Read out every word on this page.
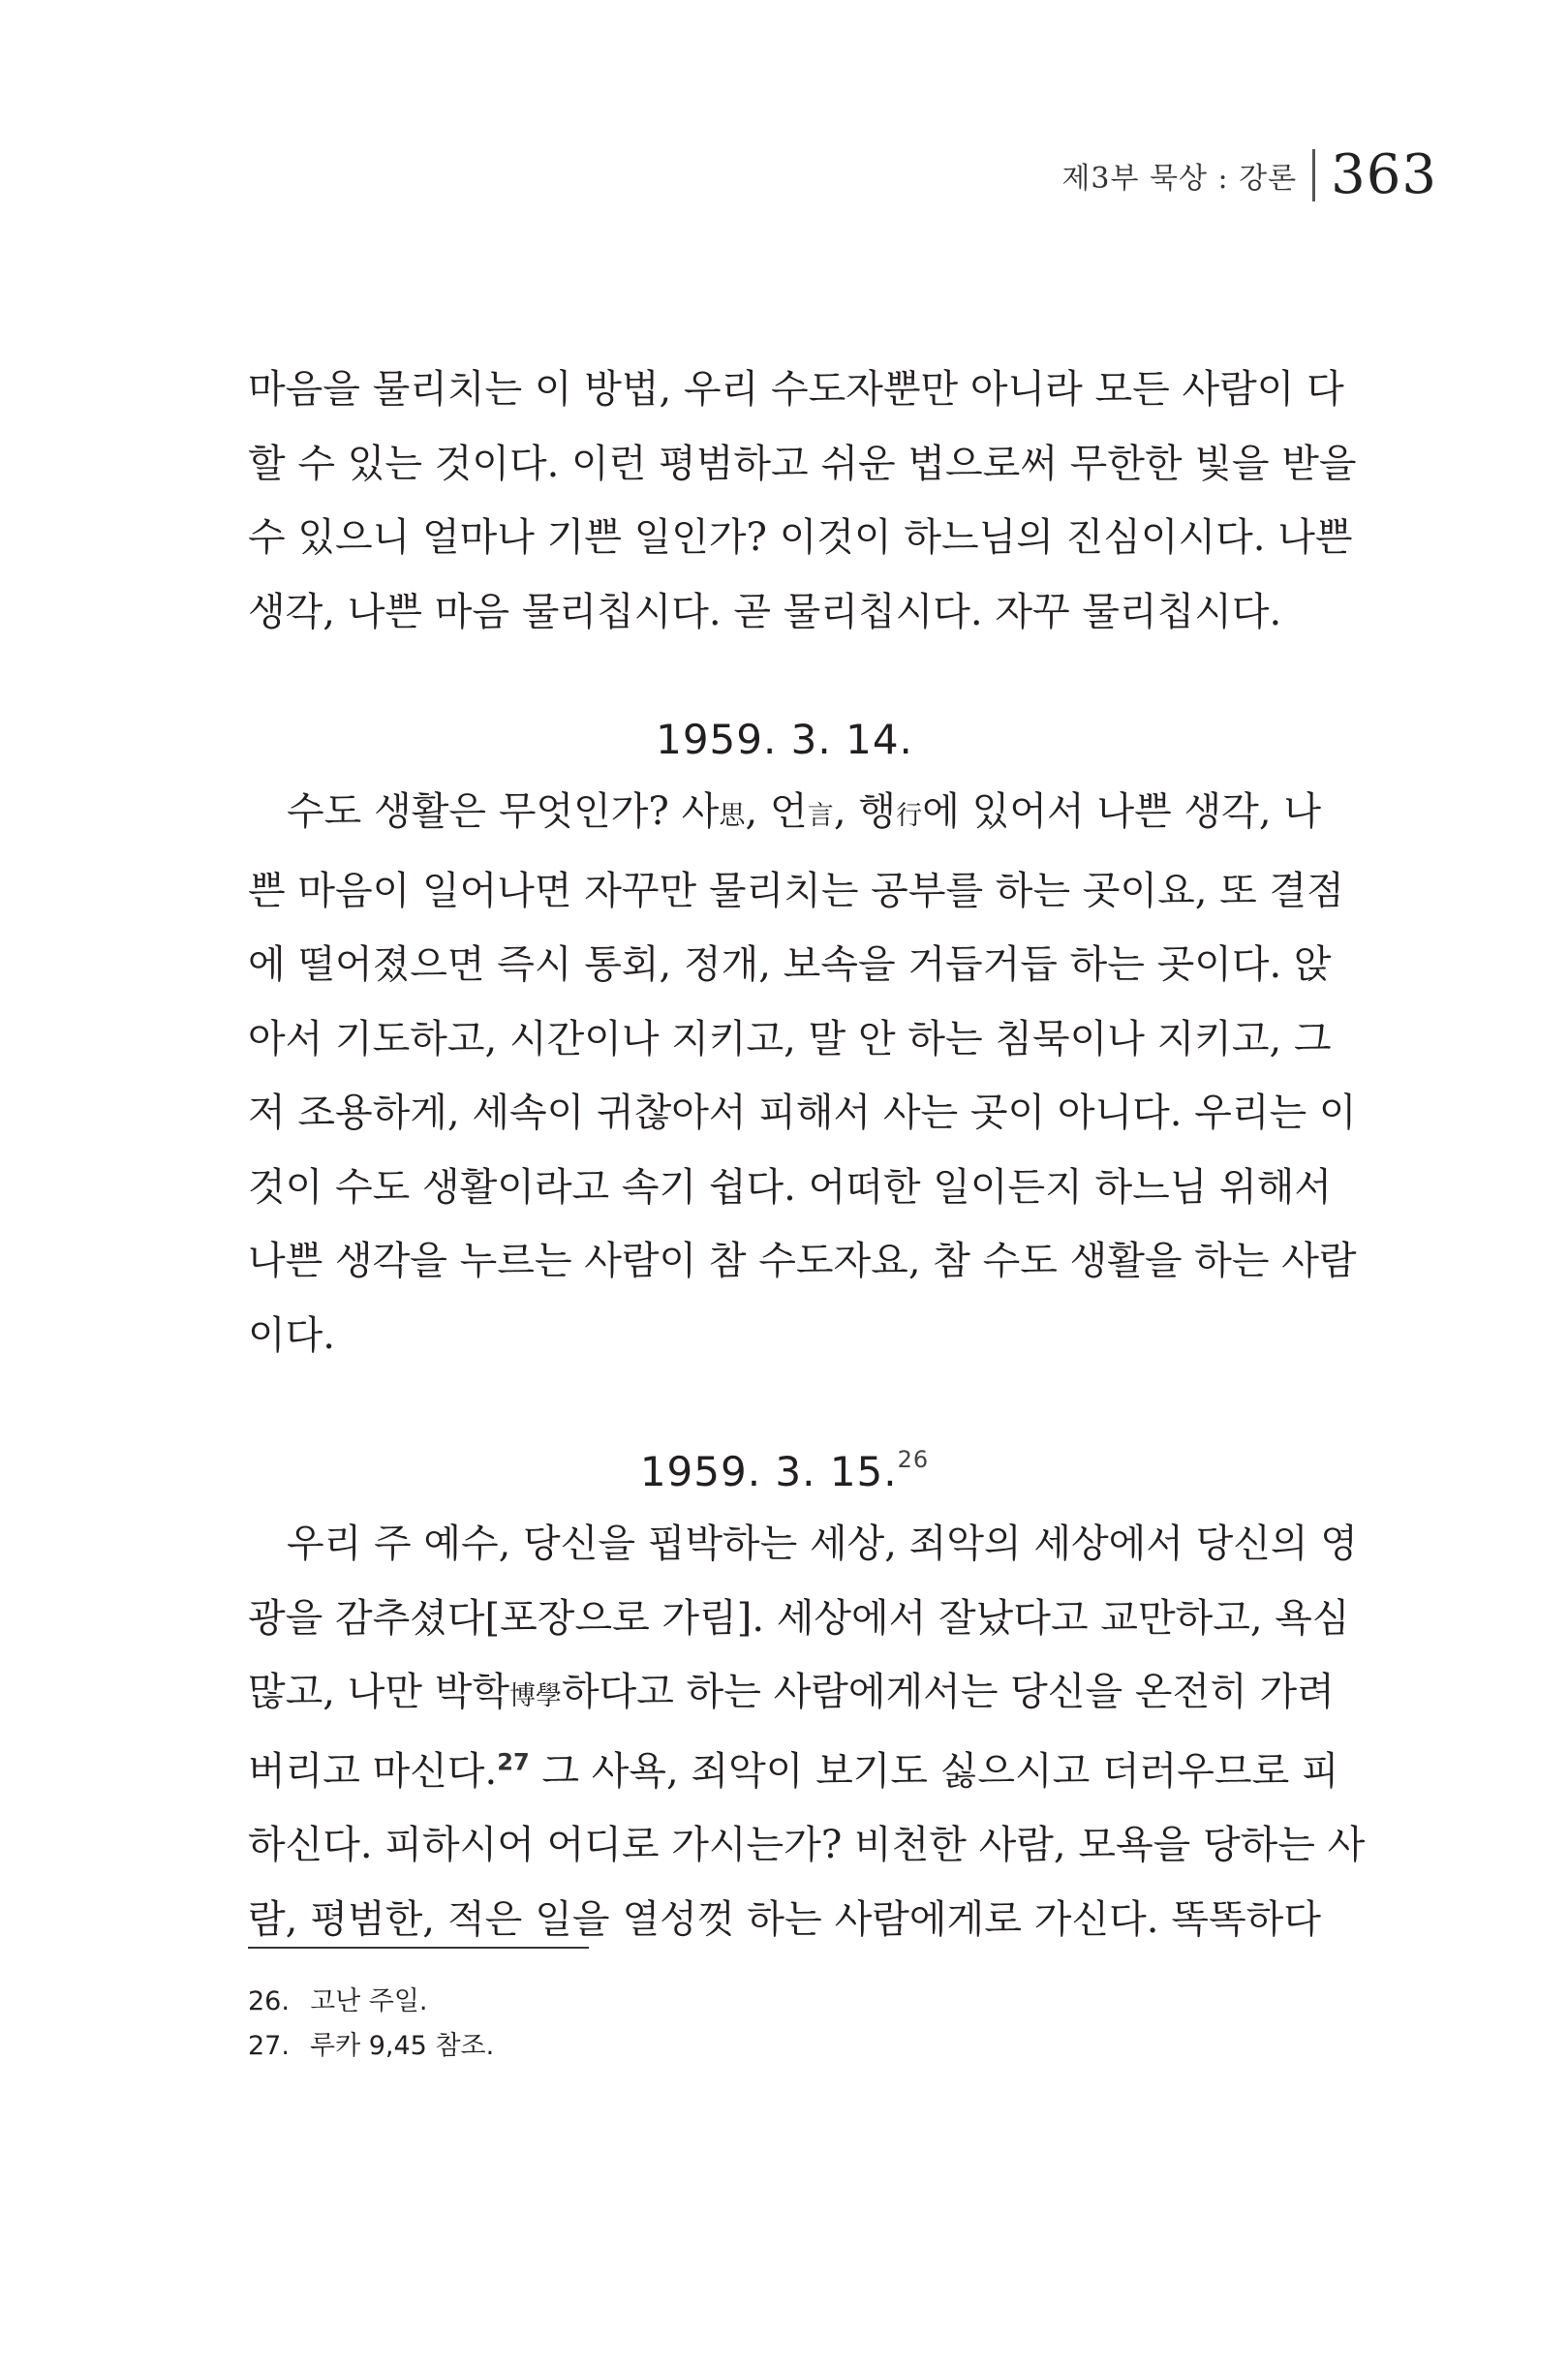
제3부 묵상 : 강론 363

마음을 물리치는 이 방법, 우리 수도자뿐만 아니라 모든 사람이 다
할 수 있는 것이다. 이런 평범하고 쉬운 법으로써 무한한 빛을 받을
수 있으니 얼마나 기쁜 일인가? 이것이 하느님의 진심이시다. 나쁜
생각, 나쁜 마음 물리칩시다. 곧 물리칩시다. 자꾸 물리칩시다.

1959. 3. 14.

수도 생활은 무엇인가? 사思, 언言, 행行에 있어서 나쁜 생각, 나
쁜 마음이 일어나면 자꾸만 물리치는 공부를 하는 곳이요, 또 결점
에 떨어졌으면 즉시 통회, 정개, 보속을 거듭거듭 하는 곳이다. 앉
아서 기도하고, 시간이나 지키고, 말 안 하는 침묵이나 지키고, 그
저 조용하게, 세속이 귀찮아서 피해서 사는 곳이 아니다. 우리는 이
것이 수도 생활이라고 속기 쉽다. 어떠한 일이든지 하느님 위해서
나쁜 생각을 누르는 사람이 참 수도자요, 참 수도 생활을 하는 사람
이다.

1959. 3. 15.26

우리 주 예수, 당신을 핍박하는 세상, 죄악의 세상에서 당신의 영
광을 감추셨다[포장으로 가림]. 세상에서 잘났다고 교만하고, 욕심
많고, 나만 박학博學하다고 하는 사람에게서는 당신을 온전히 가려
버리고 마신다.$^{27}$ 그 사욕, 죄악이 보기도 싫으시고 더러우므로 피
하신다. 피하시어 어디로 가시는가? 비천한 사람, 모욕을 당하는 사
람, 평범한, 적은 일을 열성껏 하는 사람에게로 가신다. 똑똑하다

26. 고난 주일.
27. 루카 9,45 참조.
